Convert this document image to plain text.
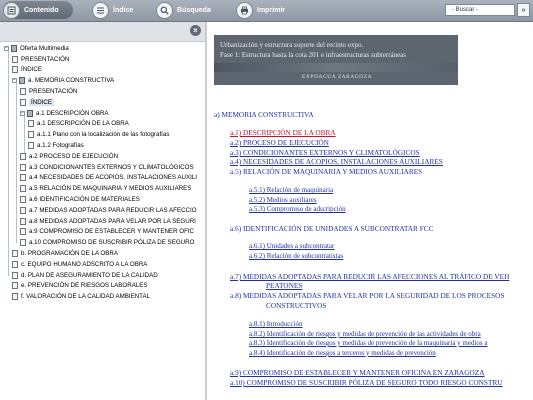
Contenido	Índice	Búsqueda	Imprimir	- Buscar -	»
×
− Oferta Multimedia
PRESENTACIÓN
ÍNDICE
− a. MEMORIA CONSTRUCTIVA
PRESENTACIÓN
ÍNDICE
− a.1 DESCRIPCIÓN OBRA
a.1 DESCRIPCIÓN DE LA OBRA
a.1.1 Plano con la localización de las fotografías
a.1.2 Fotografías
a.2 PROCESO DE EJECUCIÓN
a.3 CONDICIONANTES EXTERNOS Y CLIMATOLÓGICOS
a.4 NECESIDADES DE ACOPIOS. INSTALACIONES AUXILI
a.5 RELACIÓN DE MAQUINARIA Y MEDIOS AUXILIARES
a.6 IDENTIFICACIÓN DE MATERIALES
a.7 MEDIDAS ADOPTADAS PARA REDUCIR LAS AFECCIO
a.8 MEDIDAS ADOPTADAS PARA VELAR POR LA SEGURI
a.9 COMPROMISO DE ESTABLECER Y MANTENER OFIC
a.10 COMPROMISO DE SUSCRIBIR PÓLIZA DE SEGURO
b. PROGRAMACIÓN DE LA OBRA
c. EQUIPO HUMANO ADSCRITO A LA OBRA
d. PLAN DE ASEGURAMIENTO DE LA CALIDAD
e. PREVENCIÓN DE RIESGOS LABORALES
f. VALORACIÓN DE LA CALIDAD AMBIENTAL
Urbanización y estructura soporte del recinto expo.
Fase 1: Estructura hasta la cota 201 e infraestructuras subterráneas
EXPOAGUA ZARAGOZA
a) MEMORIA CONSTRUCTIVA
a.1) DESCRIPCIÓN DE LA OBRA
a.2) PROCESO DE EJECUCIÓN
a.3) CONDICIONANTES EXTERNOS Y CLIMATOLÓGICOS
a.4) NECESIDADES DE ACOPIOS, INSTALACIONES AUXILIARES
a.5) RELACIÓN DE MAQUINARIA Y MEDIOS AUXILIARES
a.5.1) Relación de maquinaria
a.5.2) Medios auxiliares
a.5.3) Compromiso de adscripción
a.6) IDENTIFICACIÓN DE UNIDADES A SUBCONTRATAR FCC
a.6.1) Unidades a subcontratar
a.6.2) Relación de subcontratistas
a.7) MEDIDAS ADOPTADAS PARA REDUCIR LAS AFECCIONES AL TRÁFICO DE VEH
PEATONES
a.8) MEDIDAS ADOPTADAS PARA VELAR POR LA SEGURIDAD DE LOS PROCESOS
CONSTRUCTIVOS
a.8.1) Introducción
a.8.2) Identificación de riesgos y medidas de prevención de las actividades de obra
a.8.3) Identificación de riesgos y medidas de prevención de la maquinaria y medios a
a.8.4) Identificación de riesgos a terceros y medidas de prevención
a.9) COMPROMISO DE ESTABLECER Y MANTENER OFICINA EN ZARAGOZA
a.10) COMPROMISO DE SUSCRIBIR PÓLIZA DE SEGURO TODO RIESGO CONSTRU
